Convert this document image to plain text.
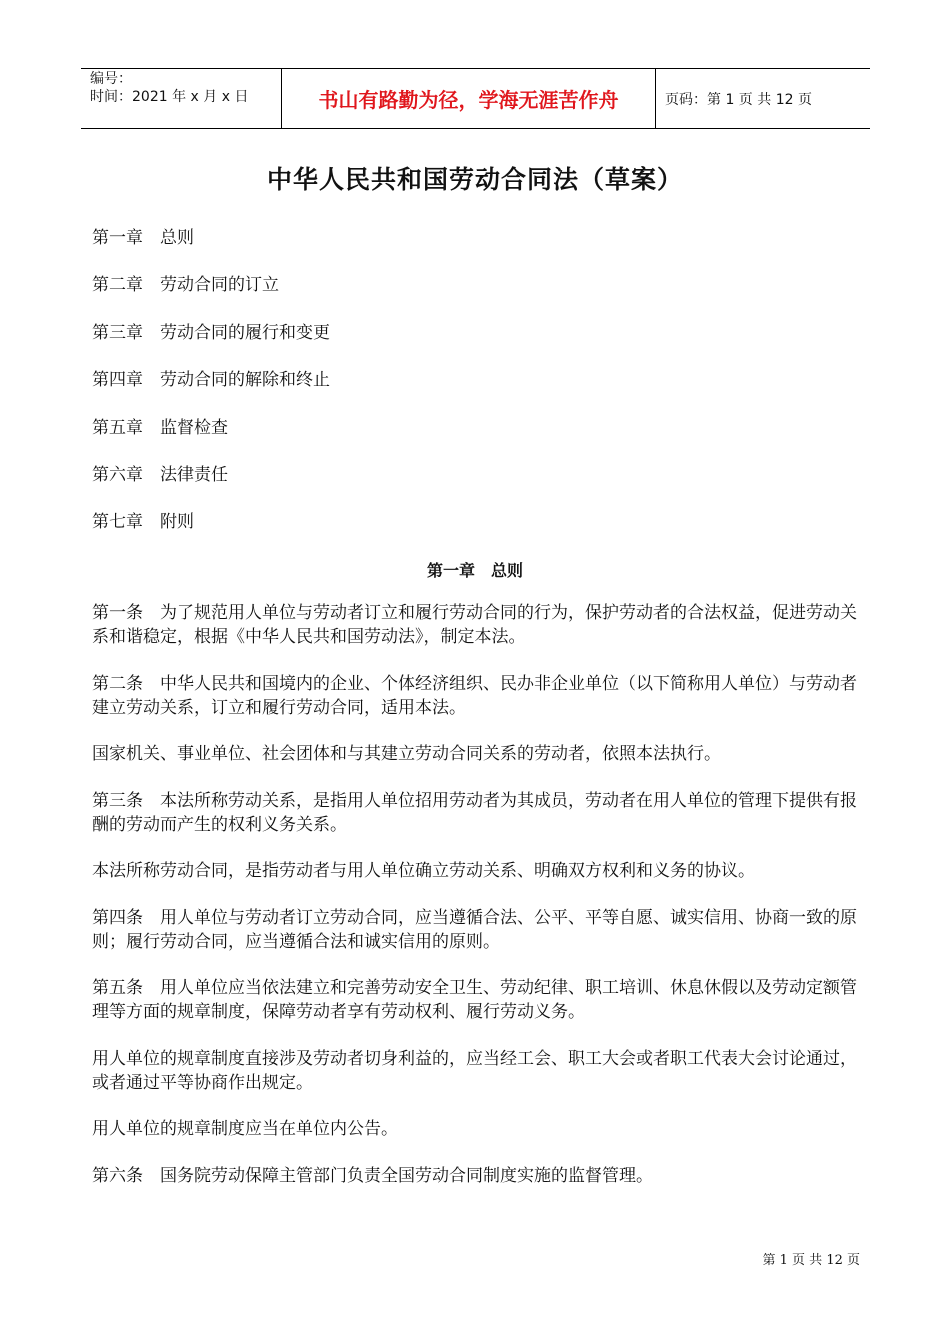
编号：
时间：2021 年 x 月 x 日	书山有路勤为径，学海无涯苦作舟	页码：第 1 页 共 12 页
中华人民共和国劳动合同法（草案）
第一章　总则
第二章　劳动合同的订立
第三章　劳动合同的履行和变更
第四章　劳动合同的解除和终止
第五章　监督检查
第六章　法律责任
第七章　附则
第一章　总则

第一条　为了规范用人单位与劳动者订立和履行劳动合同的行为，保护劳动者的合法权益，促进劳动关系和谐稳定，根据《中华人民共和国劳动法》，制定本法。

第二条　中华人民共和国境内的企业、个体经济组织、民办非企业单位（以下简称用人单位）与劳动者建立劳动关系，订立和履行劳动合同，适用本法。

国家机关、事业单位、社会团体和与其建立劳动合同关系的劳动者，依照本法执行。

第三条　本法所称劳动关系，是指用人单位招用劳动者为其成员，劳动者在用人单位的管理下提供有报酬的劳动而产生的权利义务关系。

本法所称劳动合同，是指劳动者与用人单位确立劳动关系、明确双方权利和义务的协议。

第四条　用人单位与劳动者订立劳动合同，应当遵循合法、公平、平等自愿、诚实信用、协商一致的原则；履行劳动合同，应当遵循合法和诚实信用的原则。

第五条　用人单位应当依法建立和完善劳动安全卫生、劳动纪律、职工培训、休息休假以及劳动定额管理等方面的规章制度，保障劳动者享有劳动权利、履行劳动义务。

用人单位的规章制度直接涉及劳动者切身利益的，应当经工会、职工大会或者职工代表大会讨论通过，或者通过平等协商作出规定。

用人单位的规章制度应当在单位内公告。

第六条　国务院劳动保障主管部门负责全国劳动合同制度实施的监督管理。

第 1 页 共 12 页
